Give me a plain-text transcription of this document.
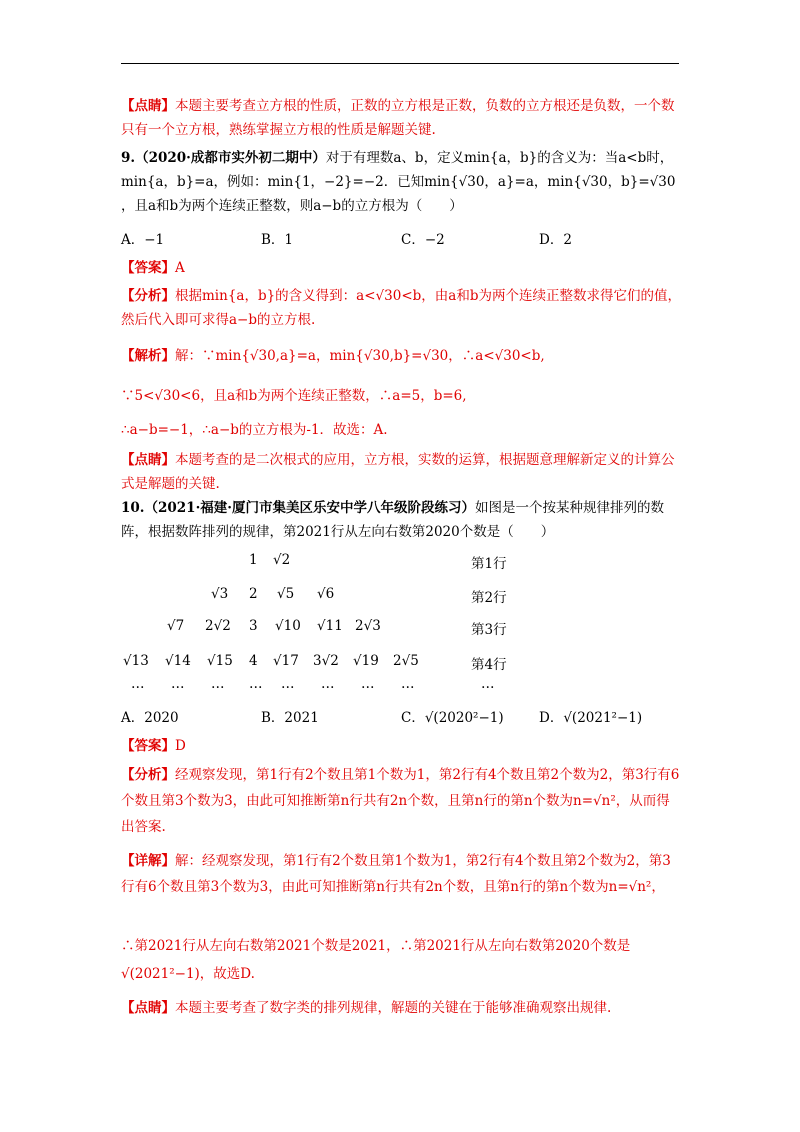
【点睛】本题主要考查立方根的性质，正数的立方根是正数，负数的立方根还是负数，一个数只有一个立方根，熟练掌握立方根的性质是解题关键.
9.（2020·成都市实外初二期中）对于有理数a、b，定义min{a，b}的含义为：当a<b时，
min{a，b}=a，例如：min{1，−2}=−2．已知min{√30，a}=a，min{√30，b}=√30
，且a和b为两个连续正整数，则a−b的立方根为（　　）
A．−1	B．1	C．−2	D．2
【答案】A
【分析】根据min{a，b}的含义得到：a<√30<b，由a和b为两个连续正整数求得它们的值，然后代入即可求得a−b的立方根.
【解析】解：∵min{√30,a}=a，min{√30,b}=√30，∴a<√30<b,
∵5<√30<6，且a和b为两个连续正整数，∴a=5，b=6,
∴a−b=−1，∴a−b的立方根为-1．故选：A.
【点睛】本题考查的是二次根式的应用，立方根，实数的运算，根据题意理解新定义的计算公式是解题的关键.
10.（2021·福建·厦门市集美区乐安中学八年级阶段练习）如图是一个按某种规律排列的数阵，根据数阵排列的规律，第2021行从左向右数第2020个数是（　　）
1 √2
√3 2 √5 √6
√7 2√2 3 √10 √11 2√3
√13 √14 √15 4 √17 3√2 √19 2√5
… … … … … … … …	…
第1行
第2行
第3行
第4行
A．2020	B．2021	C．√(2020²−1)	D．√(2021²−1)
【答案】D
【分析】经观察发现，第1行有2个数且第1个数为1，第2行有4个数且第2个数为2，第3行有6个数且第3个数为3，由此可知推断第n行共有2n个数，且第n行的第n个数为n=√n²，从而得出答案.
【详解】解：经观察发现，第1行有2个数且第1个数为1，第2行有4个数且第2个数为2，第3行有6个数且第3个数为3，由此可知推断第n行共有2n个数，且第n行的第n个数为n=√n²，
∴第2021行从左向右数第2021个数是2021，∴第2021行从左向右数第2020个数是√(2021²−1)，故选D.
【点睛】本题主要考查了数字类的排列规律，解题的关键在于能够准确观察出规律.
